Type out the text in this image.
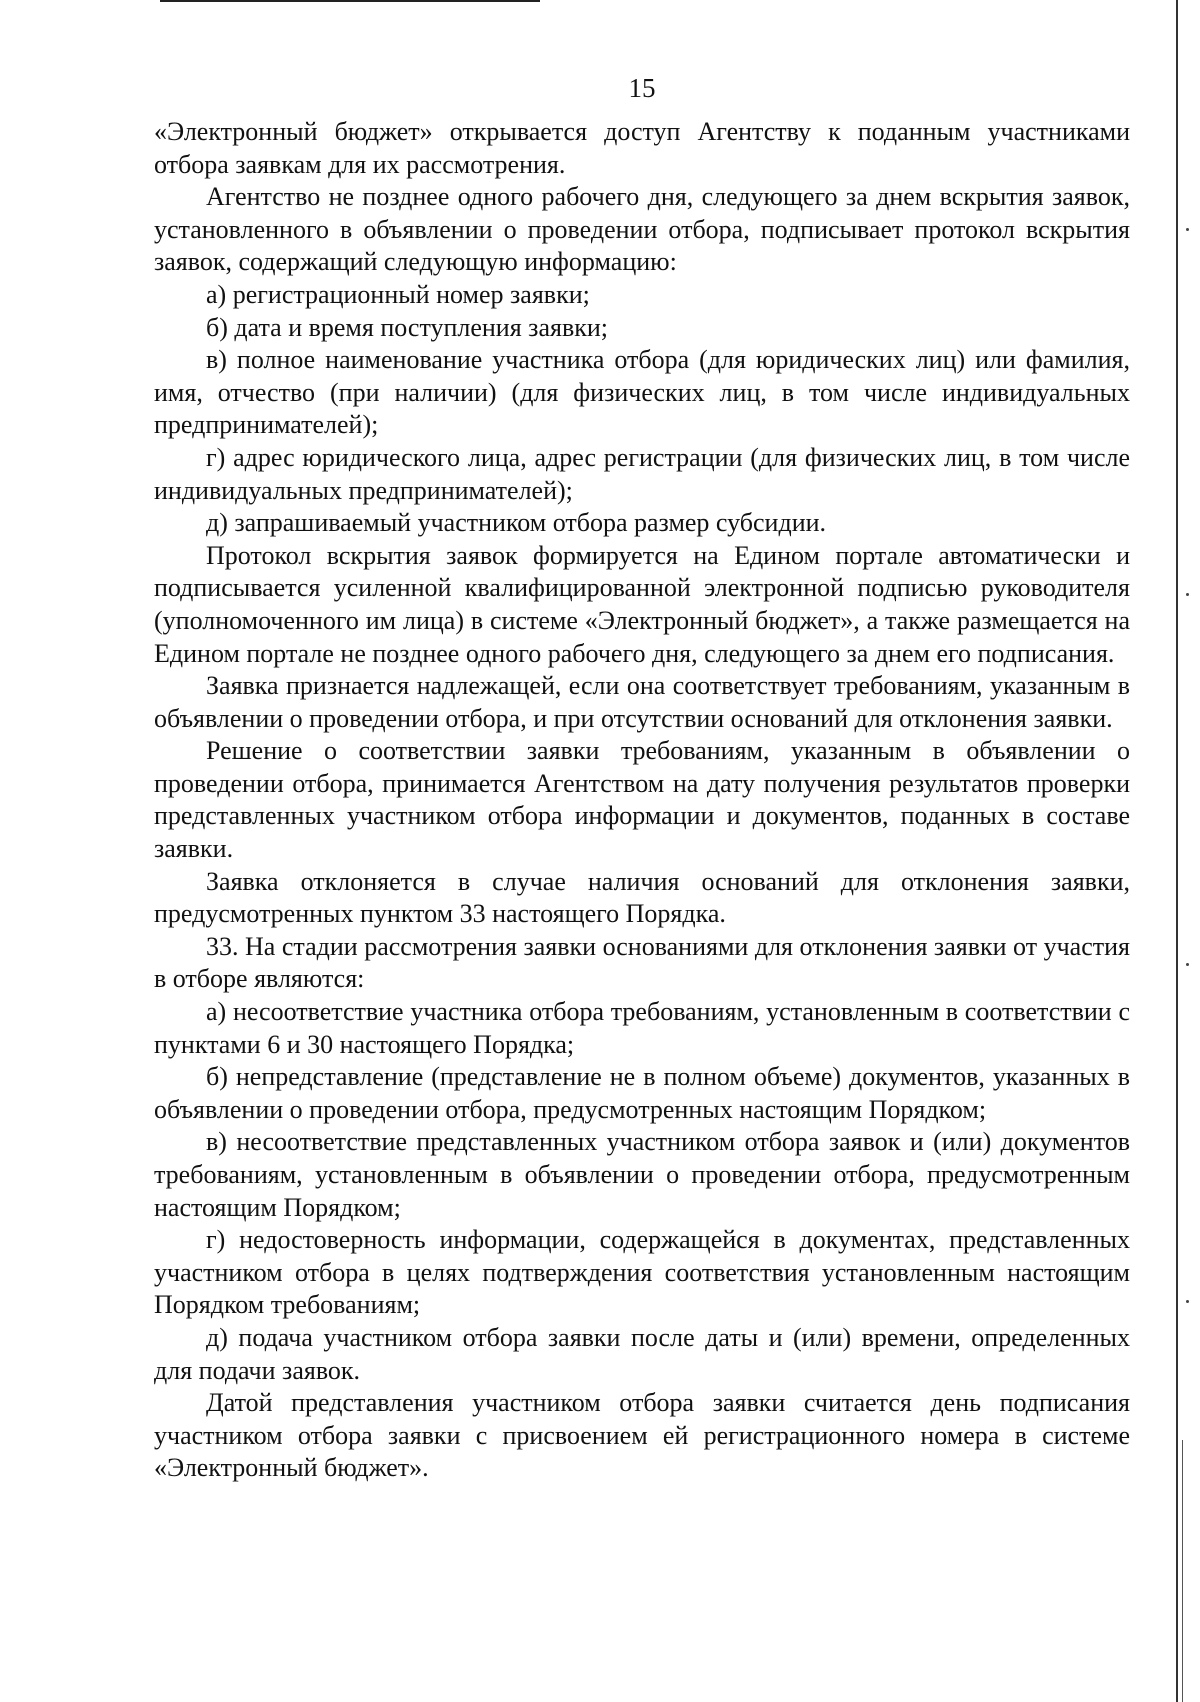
15

«Электронный бюджет» открывается доступ Агентству к поданным участниками отбора заявкам для их рассмотрения.

Агентство не позднее одного рабочего дня, следующего за днем вскрытия заявок, установленного в объявлении о проведении отбора, подписывает протокол вскрытия заявок, содержащий следующую информацию:

а) регистрационный номер заявки;

б) дата и время поступления заявки;

в) полное наименование участника отбора (для юридических лиц) или фамилия, имя, отчество (при наличии) (для физических лиц, в том числе индивидуальных предпринимателей);

г) адрес юридического лица, адрес регистрации (для физических лиц, в том числе индивидуальных предпринимателей);

д) запрашиваемый участником отбора размер субсидии.

Протокол вскрытия заявок формируется на Едином портале автоматически и подписывается усиленной квалифицированной электронной подписью руководителя (уполномоченного им лица) в системе «Электронный бюджет», а также размещается на Едином портале не позднее одного рабочего дня, следующего за днем его подписания.

Заявка признается надлежащей, если она соответствует требованиям, указанным в объявлении о проведении отбора, и при отсутствии оснований для отклонения заявки.

Решение о соответствии заявки требованиям, указанным в объявлении о проведении отбора, принимается Агентством на дату получения результатов проверки представленных участником отбора информации и документов, поданных в составе заявки.

Заявка отклоняется в случае наличия оснований для отклонения заявки, предусмотренных пунктом 33 настоящего Порядка.

33. На стадии рассмотрения заявки основаниями для отклонения заявки от участия в отборе являются:

а) несоответствие участника отбора требованиям, установленным в соответствии с пунктами 6 и 30 настоящего Порядка;

б) непредставление (представление не в полном объеме) документов, указанных в объявлении о проведении отбора, предусмотренных настоящим Порядком;

в) несоответствие представленных участником отбора заявок и (или) документов требованиям, установленным в объявлении о проведении отбора, предусмотренным настоящим Порядком;

г) недостоверность информации, содержащейся в документах, представленных участником отбора в целях подтверждения соответствия установленным настоящим Порядком требованиям;

д) подача участником отбора заявки после даты и (или) времени, определенных для подачи заявок.

Датой представления участником отбора заявки считается день подписания участником отбора заявки с присвоением ей регистрационного номера в системе «Электронный бюджет».
